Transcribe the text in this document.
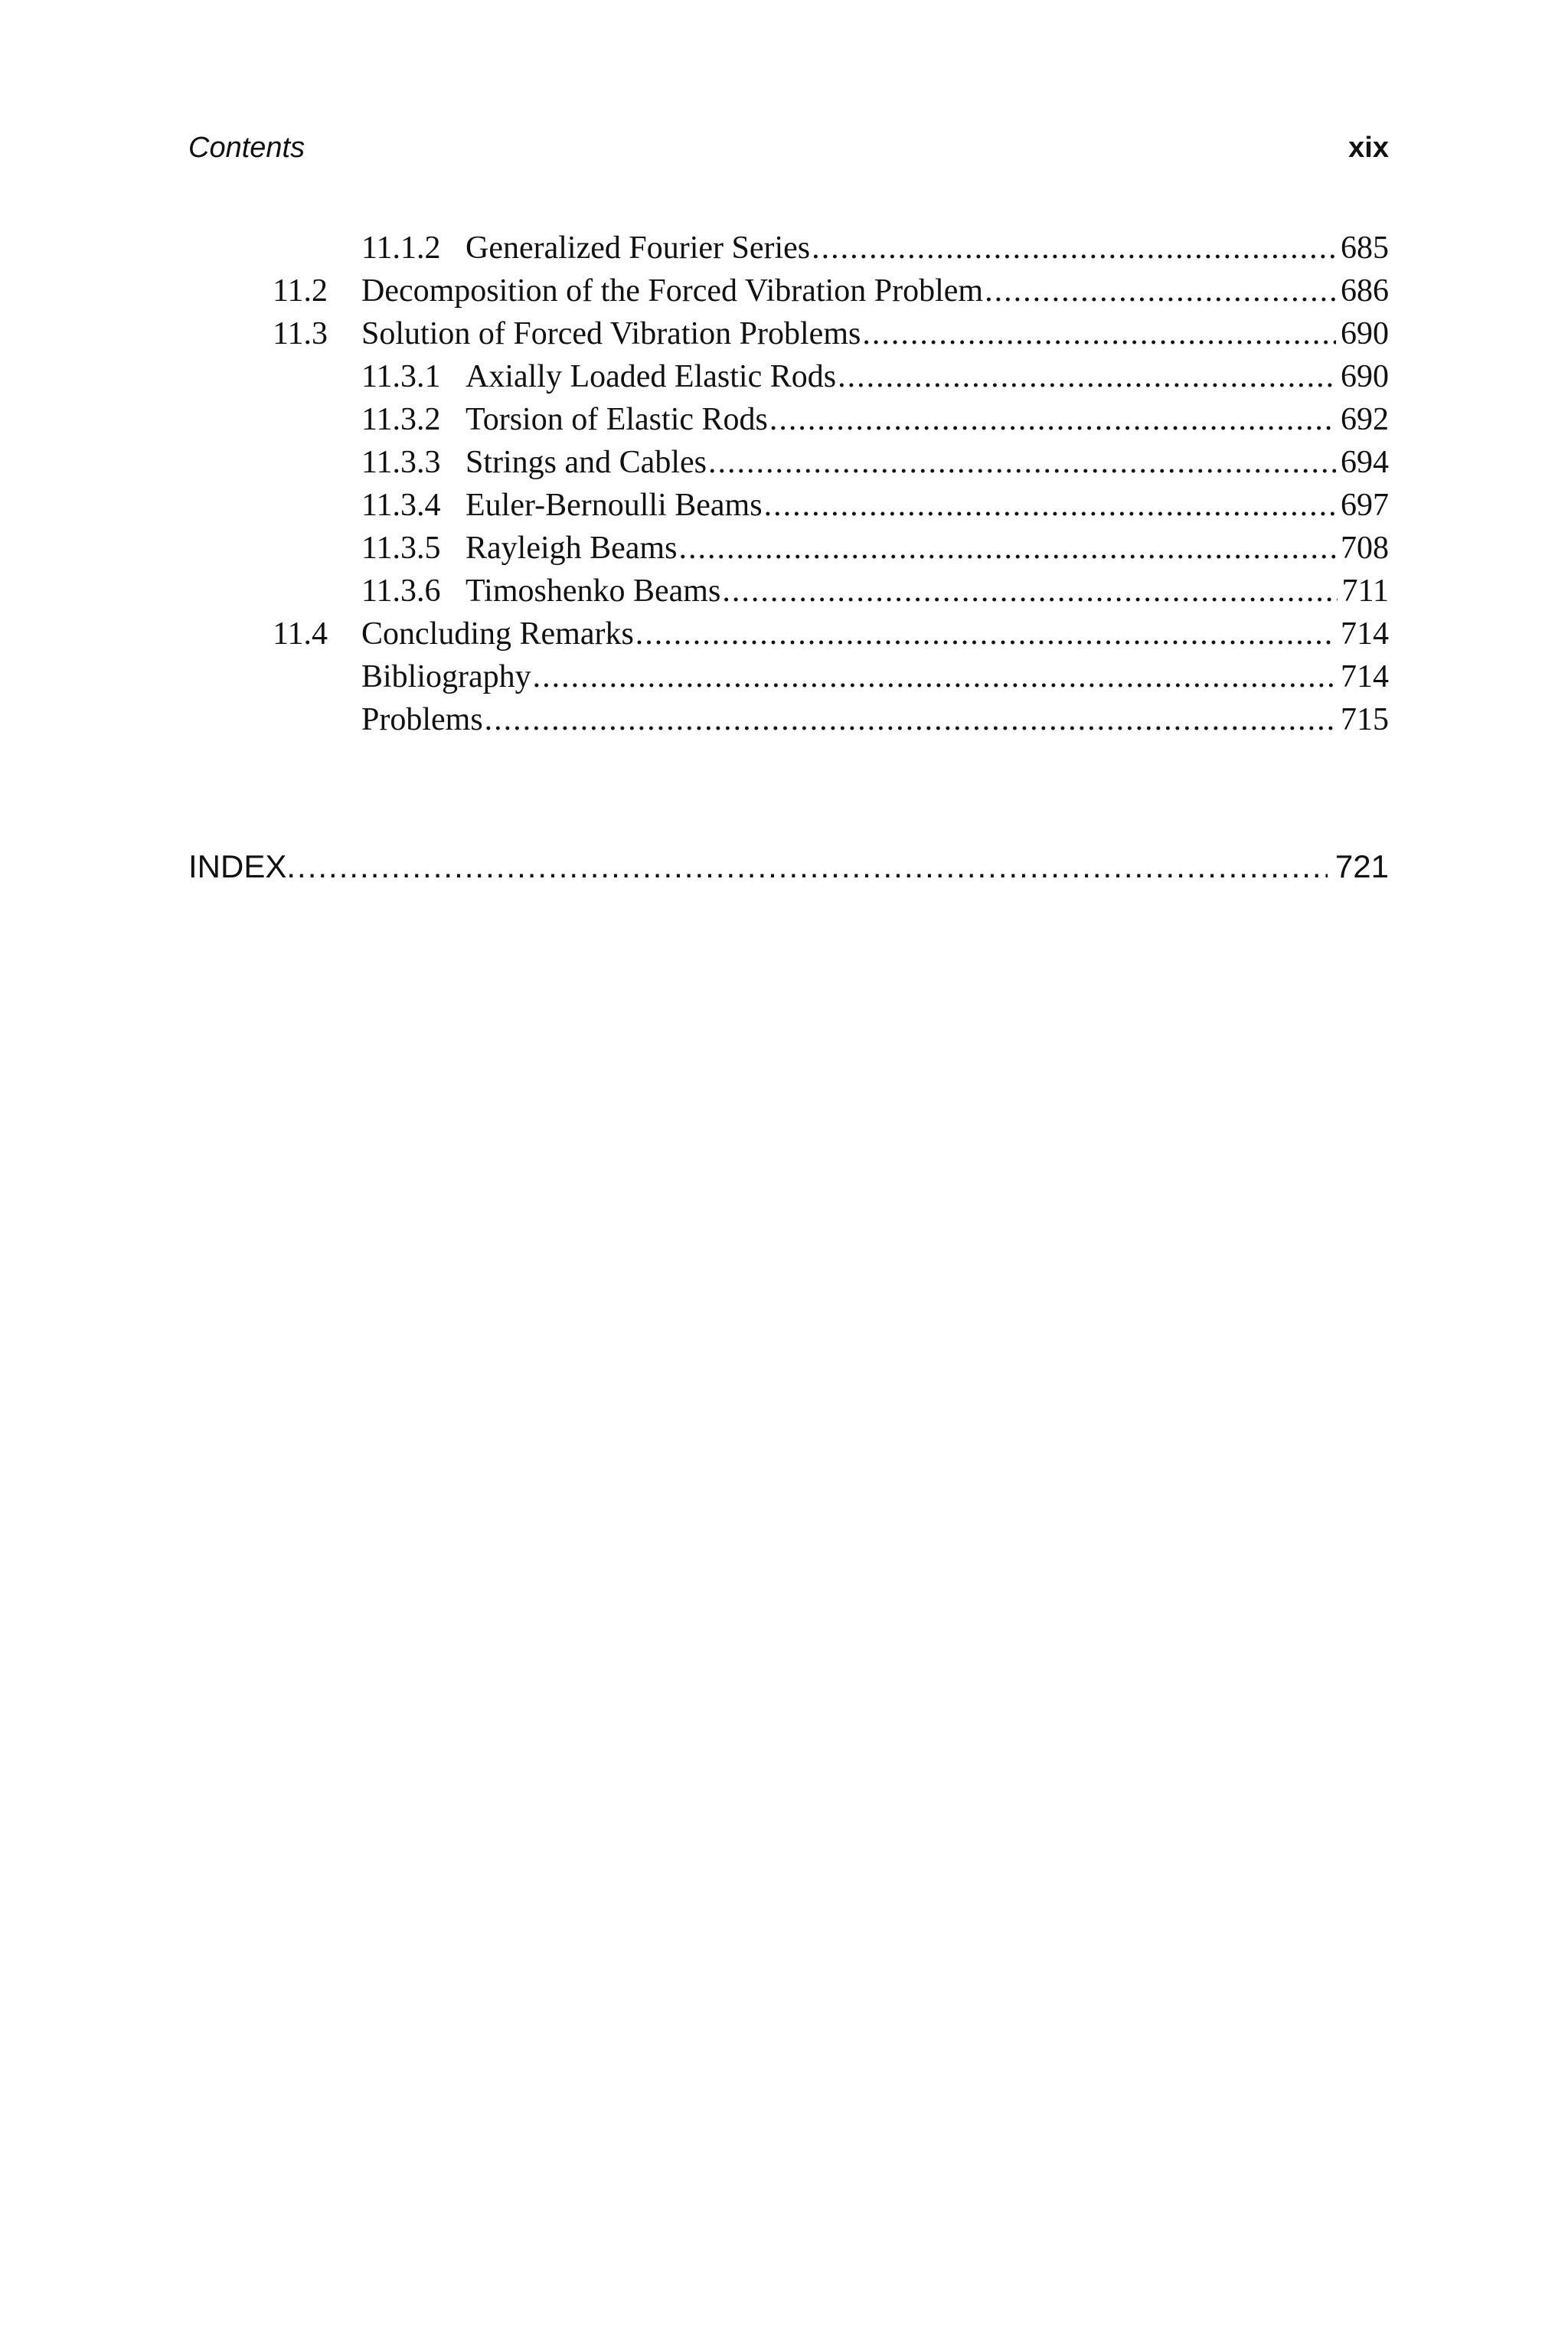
Contents	xix
11.1.2 Generalized Fourier Series .....	685
11.2	Decomposition of the Forced Vibration Problem .....	686
11.3	Solution of Forced Vibration Problems .....	690
11.3.1 Axially Loaded Elastic Rods .....	690
11.3.2 Torsion of Elastic Rods .....	692
11.3.3 Strings and Cables .....	694
11.3.4 Euler-Bernoulli Beams .....	697
11.3.5 Rayleigh Beams .....	708
11.3.6 Timoshenko Beams .....	711
11.4	Concluding Remarks .....	714
Bibliography .....	714
Problems .....	715
INDEX .....	721
